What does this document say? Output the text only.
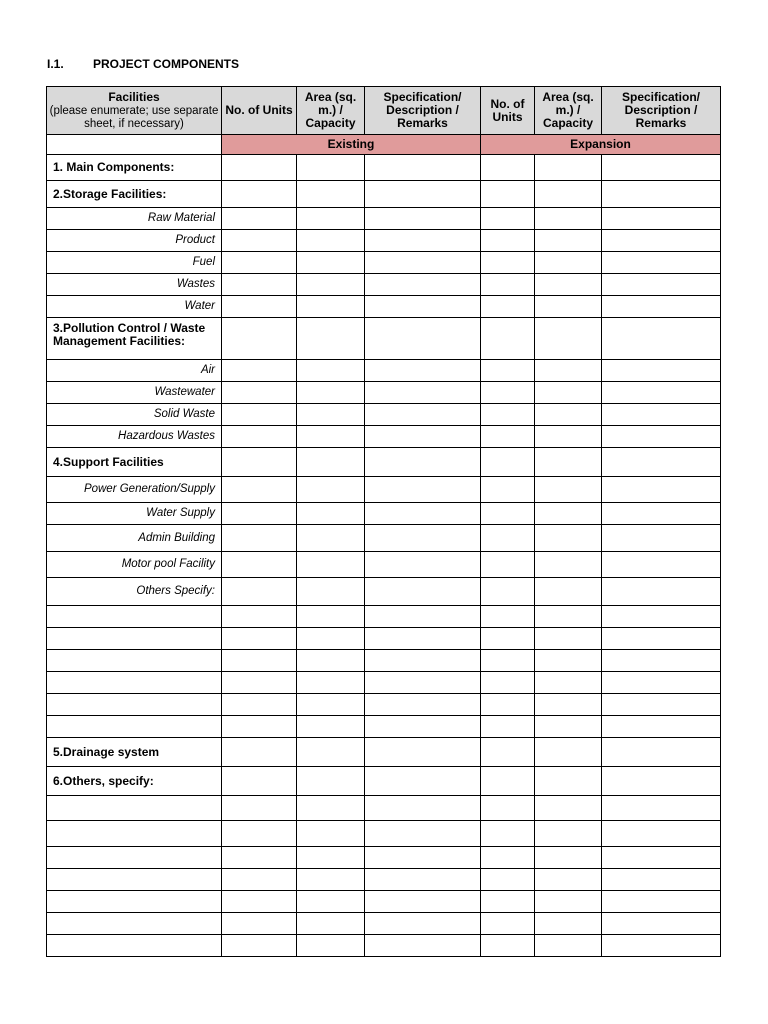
I.1. PROJECT COMPONENTS
Facilities
(please enumerate; use separate sheet, if necessary)	No. of Units	Area (sq. m.) / Capacity	Specification/ Description / Remarks	No. of Units	Area (sq. m.) / Capacity	Specification/ Description / Remarks
	Existing			Expansion		
1. Main Components:						
2.Storage Facilities:						
Raw Material						
Product						
Fuel						
Wastes						
Water						
3.Pollution Control / Waste Management Facilities:						
Air						
Wastewater						
Solid Waste						
Hazardous Wastes						
4.Support Facilities						
Power Generation/Supply						
Water Supply						
Admin Building						
Motor pool Facility						
Others Specify:						

5.Drainage system						
6.Others, specify:						
